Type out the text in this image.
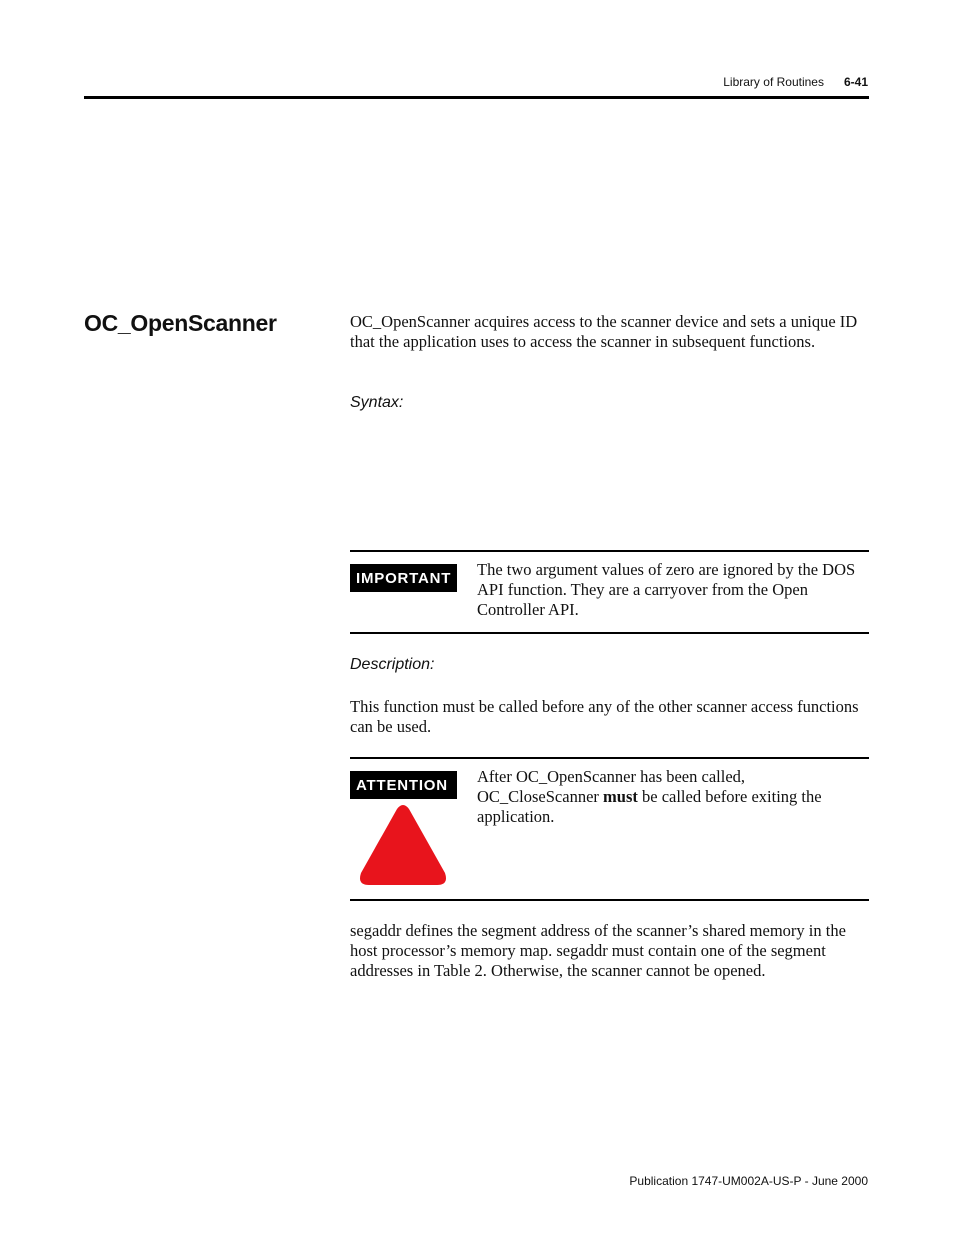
Library of Routines 6-41
OC_OpenScanner	OC_OpenScanner acquires access to the scanner device and sets a unique ID that the application uses to access the scanner in subsequent functions.
Syntax:
IMPORTANT	The two argument values of zero are ignored by the DOS API function. They are a carryover from the Open Controller API.
Description:
This function must be called before any of the other scanner access functions can be used.
ATTENTION	After OC_OpenScanner has been called, OC_CloseScanner must be called before exiting the application.
segaddr defines the segment address of the scanner’s shared memory in the host processor’s memory map. segaddr must contain one of the segment addresses in Table 2. Otherwise, the scanner cannot be opened.
Publication 1747-UM002A-US-P - June 2000
